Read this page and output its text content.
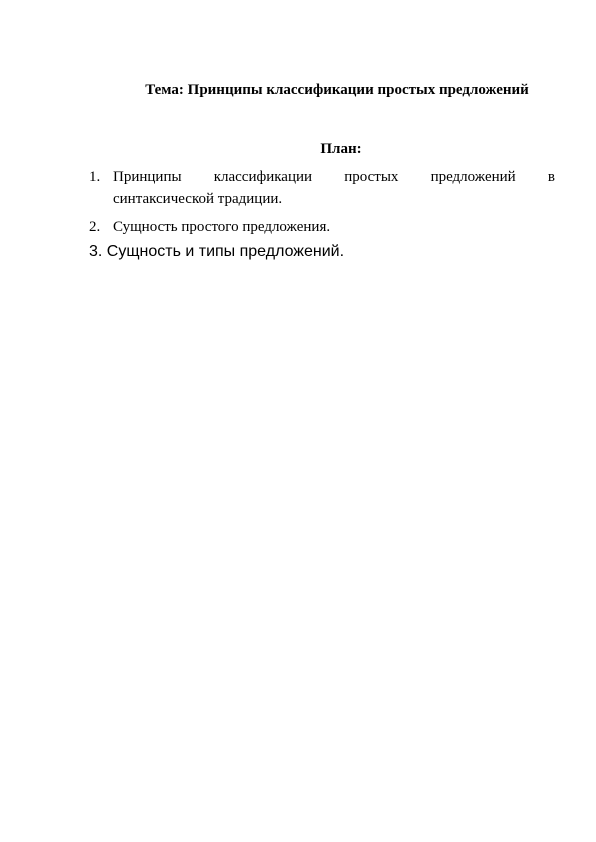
Тема: Принципы классификации простых предложений
План:
1. Принципы классификации простых предложений в
синтаксической традиции.
2. Сущность простого предложения.
3. Сущность и типы предложений.
